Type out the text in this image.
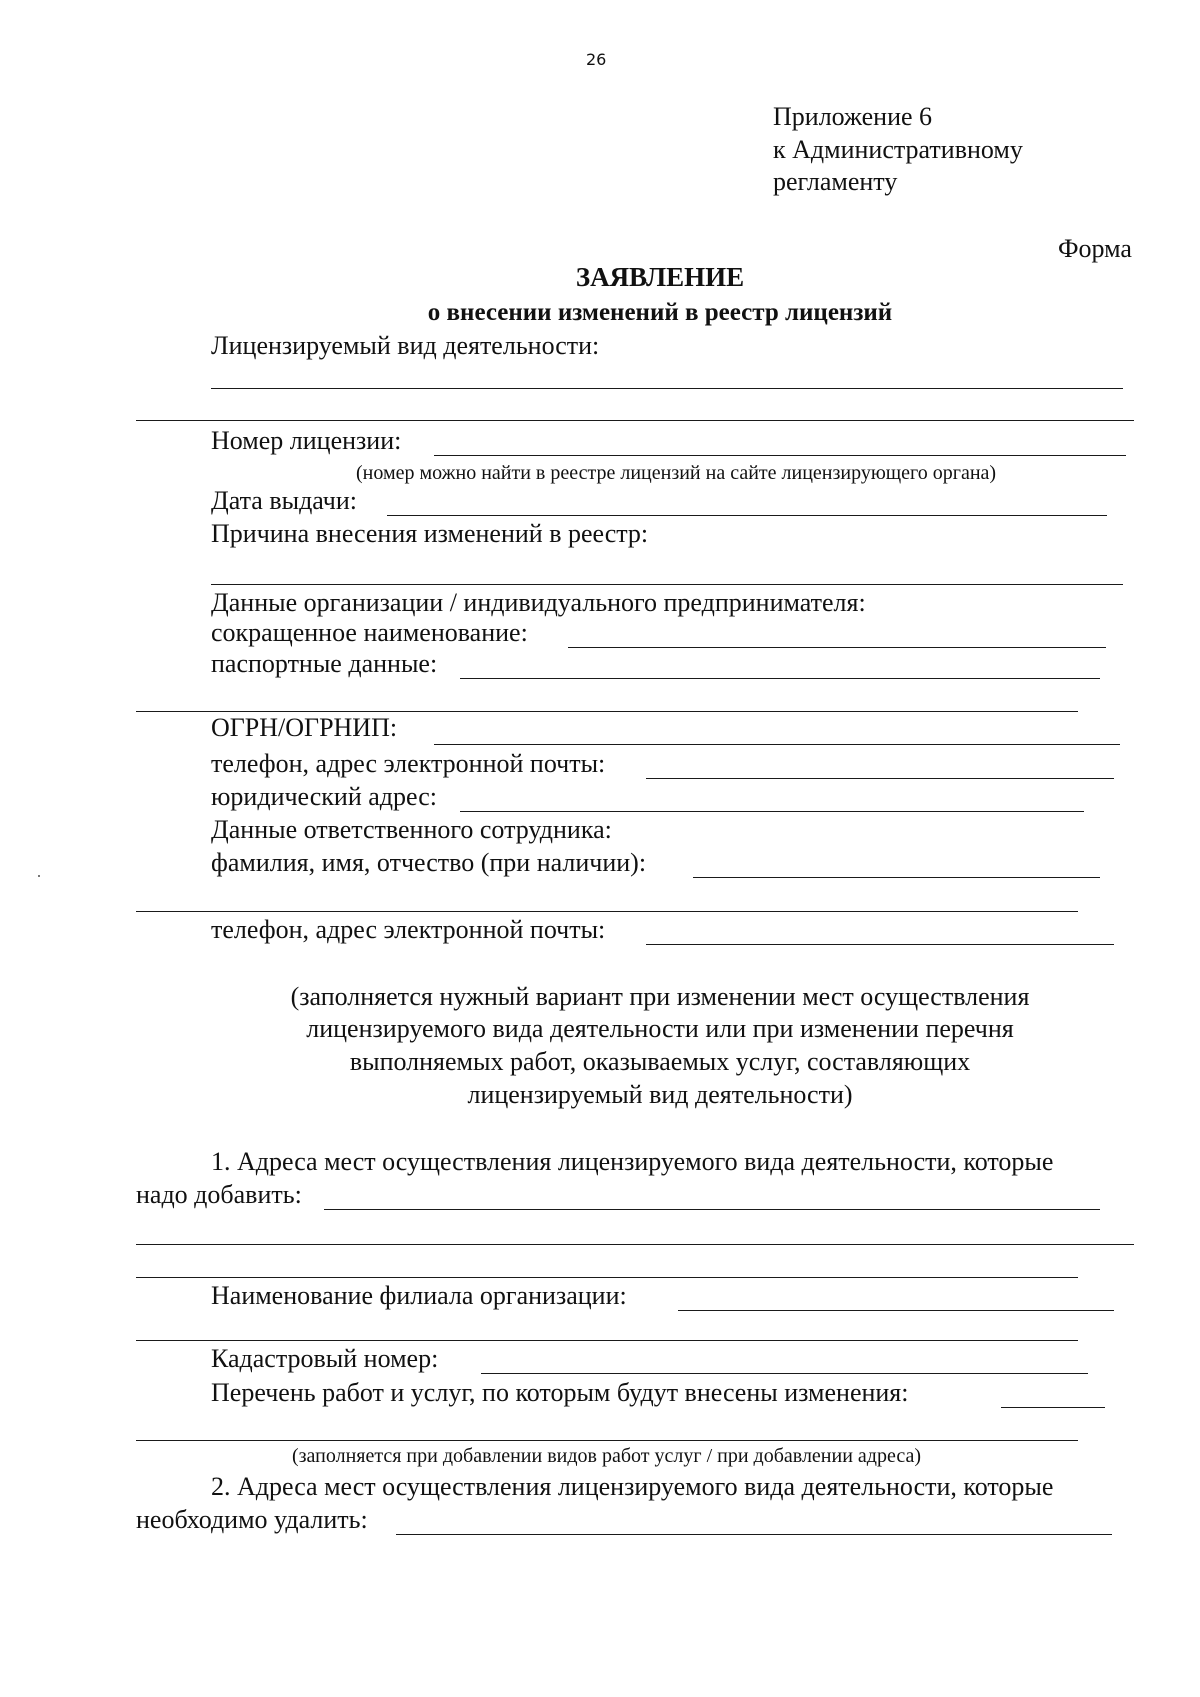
26
Приложение 6
к Административному
регламенту
Форма
ЗАЯВЛЕНИЕ
о внесении изменений в реестр лицензий
Лицензируемый вид деятельности:
Номер лицензии:
(номер можно найти в реестре лицензий на сайте лицензирующего органа)
Дата выдачи:
Причина внесения изменений в реестр:
Данные организации / индивидуального предпринимателя:
сокращенное наименование:
паспортные данные:
ОГРН/ОГРНИП:
телефон, адрес электронной почты:
юридический адрес:
Данные ответственного сотрудника:
фамилия, имя, отчество (при наличии):
телефон, адрес электронной почты:
(заполняется нужный вариант при изменении мест осуществления
лицензируемого вида деятельности или при изменении перечня
выполняемых работ, оказываемых услуг, составляющих
лицензируемый вид деятельности)
1. Адреса мест осуществления лицензируемого вида деятельности, которые
надо добавить:
Наименование филиала организации:
Кадастровый номер:
Перечень работ и услуг, по которым будут внесены изменения:
(заполняется при добавлении видов работ услуг / при добавлении адреса)
2. Адреса мест осуществления лицензируемого вида деятельности, которые
необходимо удалить:
